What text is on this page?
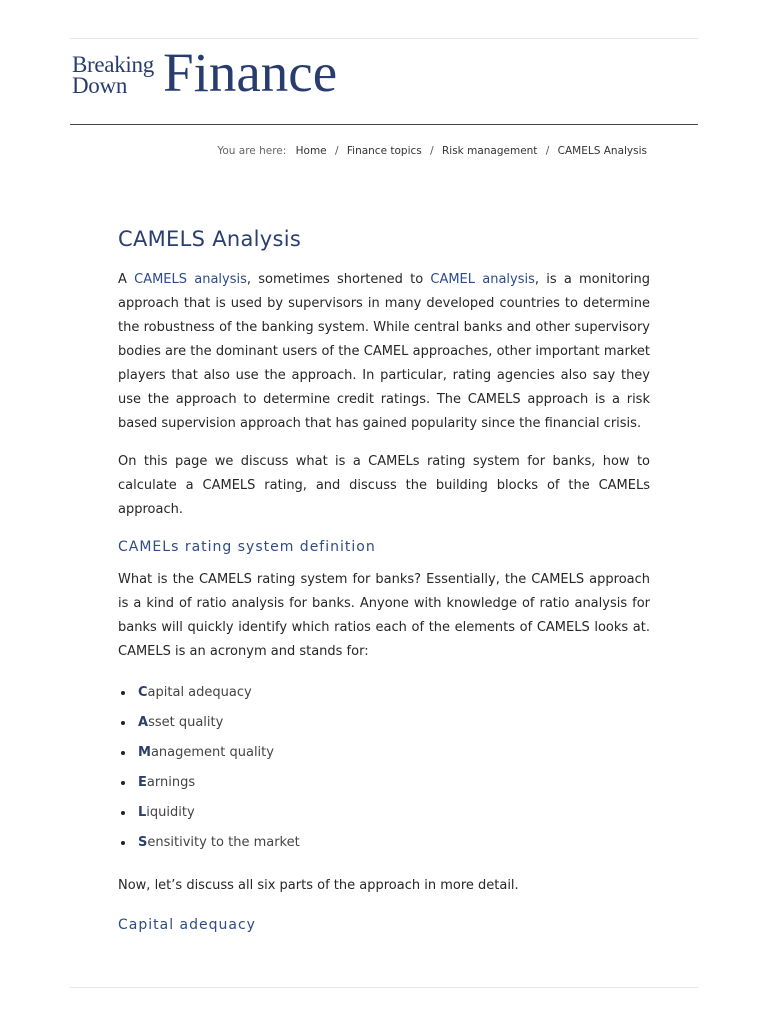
Breaking
Down Finance
You are here: Home / Finance topics / Risk management / CAMELS Analysis
CAMELS Analysis

A CAMELS analysis, sometimes shortened to CAMEL analysis, is a monitoring approach that is used by supervisors in many developed countries to determine the robustness of the banking system. While central banks and other supervisory bodies are the dominant users of the CAMEL approaches, other important market players that also use the approach. In particular, rating agencies also say they use the approach to determine credit ratings. The CAMELS approach is a risk based supervision approach that has gained popularity since the financial crisis.

On this page we discuss what is a CAMELs rating system for banks, how to calculate a CAMELS rating, and discuss the building blocks of the CAMELs approach.

CAMELs rating system definition

What is the CAMELS rating system for banks? Essentially, the CAMELS approach is a kind of ratio analysis for banks. Anyone with knowledge of ratio analysis for banks will quickly identify which ratios each of the elements of CAMELS looks at. CAMELS is an acronym and stands for:

Capital adequacy
Asset quality
Management quality
Earnings
Liquidity
Sensitivity to the market

Now, let’s discuss all six parts of the approach in more detail.

Capital adequacy
